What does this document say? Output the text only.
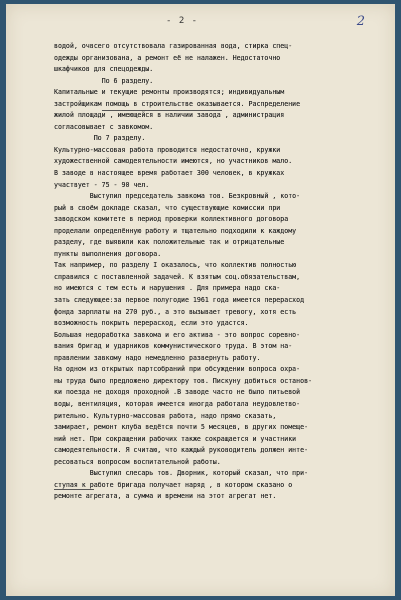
- 2 -	2
водой, очвсего отсутствовала газированная вода, стирка спец-
одежды организована, а ремонт её не налажен. Недостаточно
шкафчиков для спецодежды.
По 6 разделу.
Капитальные и текущие ремонты производятся; индивидуальным
застройщикам помощь в строительстве оказывается. Распределение
жилой площади , имеющейся в наличии завода , администрация
согласовывает с завкомом.
По 7 разделу.
Культурно-массовая работа проводится недостаточно, кружки
художественной самодеятельности имеются, но участников мало.
В заводе в настоящее время работает 300 человек, в кружках
участвует - 75 - 90 чел.
Выступил председатель завкома тов. Безкровный , кото-
рый в своём докладе сказал, что существующие комиссии при
заводском комитете в период проверки коллективного договора
проделали определённую работу и тщательно подходили к каждому
разделу, где выявили как положительные так и отрицательные
пункты выполнения договора.
Так например, по разделу I оказалось, что коллектив полностью
справился с поставленной задачей. К взятым соц.обязательствам,
но имеются с тем есть и нарушения . Для примера надо ска-
зать следующее:за первое полугодие 1961 года имеется перерасход
фонда зарплаты на 270 руб., а это вызывает тревогу, хотя есть
возможность покрыть перерасход, если это удастся.
Большая недоработка завкома и его актива - это вопрос соревно-
вания бригад и ударников коммунистического труда. В этом на-
правлении завкому надо немедленно развернуть работу.
На одном из открытых партсобраний при обсуждении вопроса охра-
ны труда было предложено директору тов. Пискуну добиться останов-
ки поезда не доходя проходной .В заводе часто не было питьевой
воды, вентиляция, которая имеется иногда работала неудовлетво-
рительно. Культурно-массовая работа, надо прямо сказать,
замирает, ремонт клуба ведётся почти 5 месяцев, в других помеще-
ний нет. При сокращении рабочих также сокращается и участники
самодеятельности. Я считаю, что каждый руководитель должен инте-
ресоваться вопросом воспитательной работы.
Выступил слесарь тов. Дворник, который сказал, что при-
ступая к работе бригада получает наряд , в котором сказано о
ремонте агрегата, а сумма и времени на этот агрегат нет.
